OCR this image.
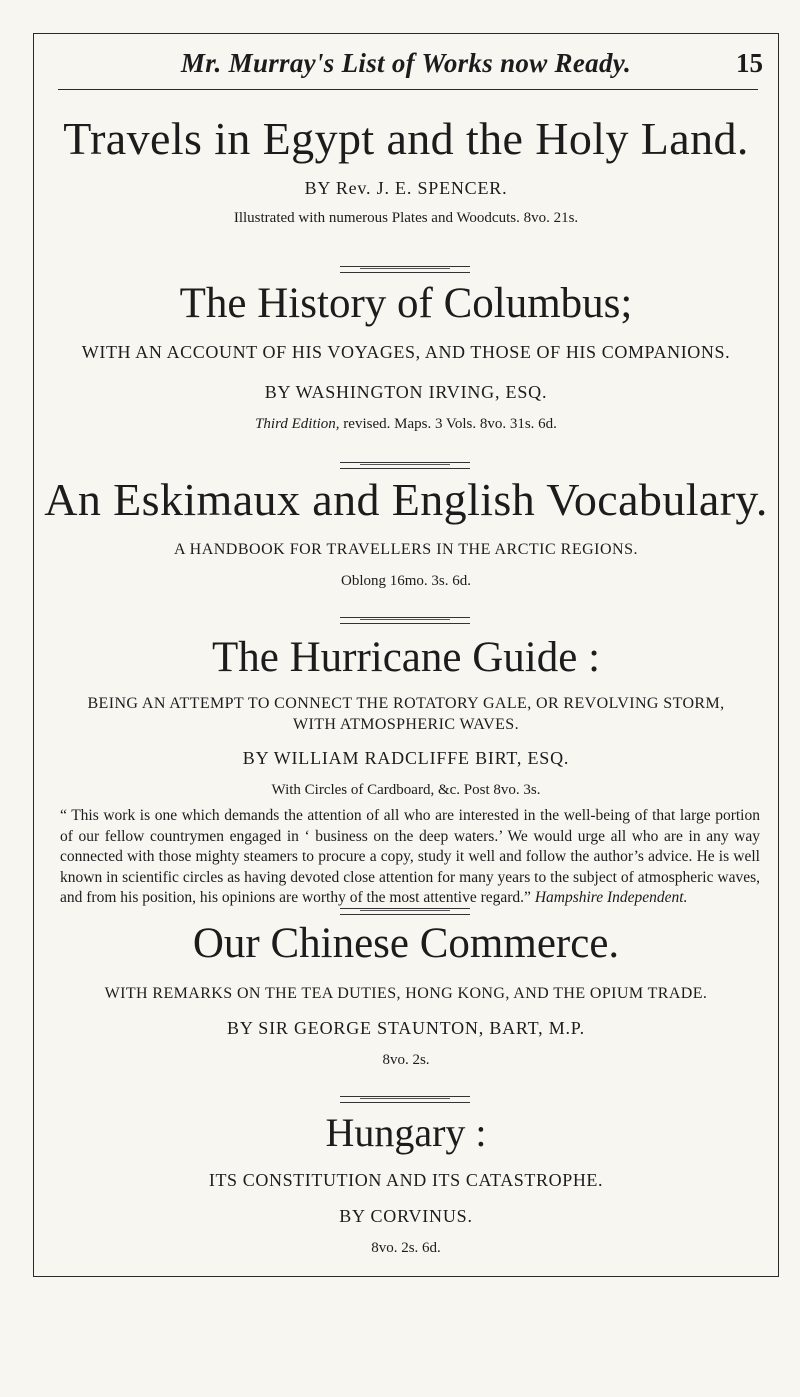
Mr. Murray's List of Works now Ready.	15
Travels in Egypt and the Holy Land.
BY Rev. J. E. SPENCER.
Illustrated with numerous Plates and Woodcuts. 8vo. 21s.
The History of Columbus;
WITH AN ACCOUNT OF HIS VOYAGES, AND THOSE OF HIS COMPANIONS.
BY WASHINGTON IRVING, ESQ.
Third Edition, revised. Maps. 3 Vols. 8vo. 31s. 6d.
An Eskimaux and English Vocabulary.
A HANDBOOK FOR TRAVELLERS IN THE ARCTIC REGIONS.
Oblong 16mo. 3s. 6d.
The Hurricane Guide :
BEING AN ATTEMPT TO CONNECT THE ROTATORY GALE, OR REVOLVING STORM,
WITH ATMOSPHERIC WAVES.
BY WILLIAM RADCLIFFE BIRT, ESQ.
With Circles of Cardboard, &c. Post 8vo. 3s.
“ This work is one which demands the attention of all who are interested in the well-being of that large portion of our fellow countrymen engaged in ‘ business on the deep waters.’ We would urge all who are in any way connected with those mighty steamers to procure a copy, study it well and follow the author’s advice. He is well known in scientific circles as having devoted close attention for many years to the subject of atmospheric waves, and from his position, his opinions are worthy of the most attentive regard.” Hampshire Independent.
Our Chinese Commerce.
WITH REMARKS ON THE TEA DUTIES, HONG KONG, AND THE OPIUM TRADE.
BY SIR GEORGE STAUNTON, BART, M.P.
8vo. 2s.
Hungary :
ITS CONSTITUTION AND ITS CATASTROPHE.
BY CORVINUS.
8vo. 2s. 6d.
